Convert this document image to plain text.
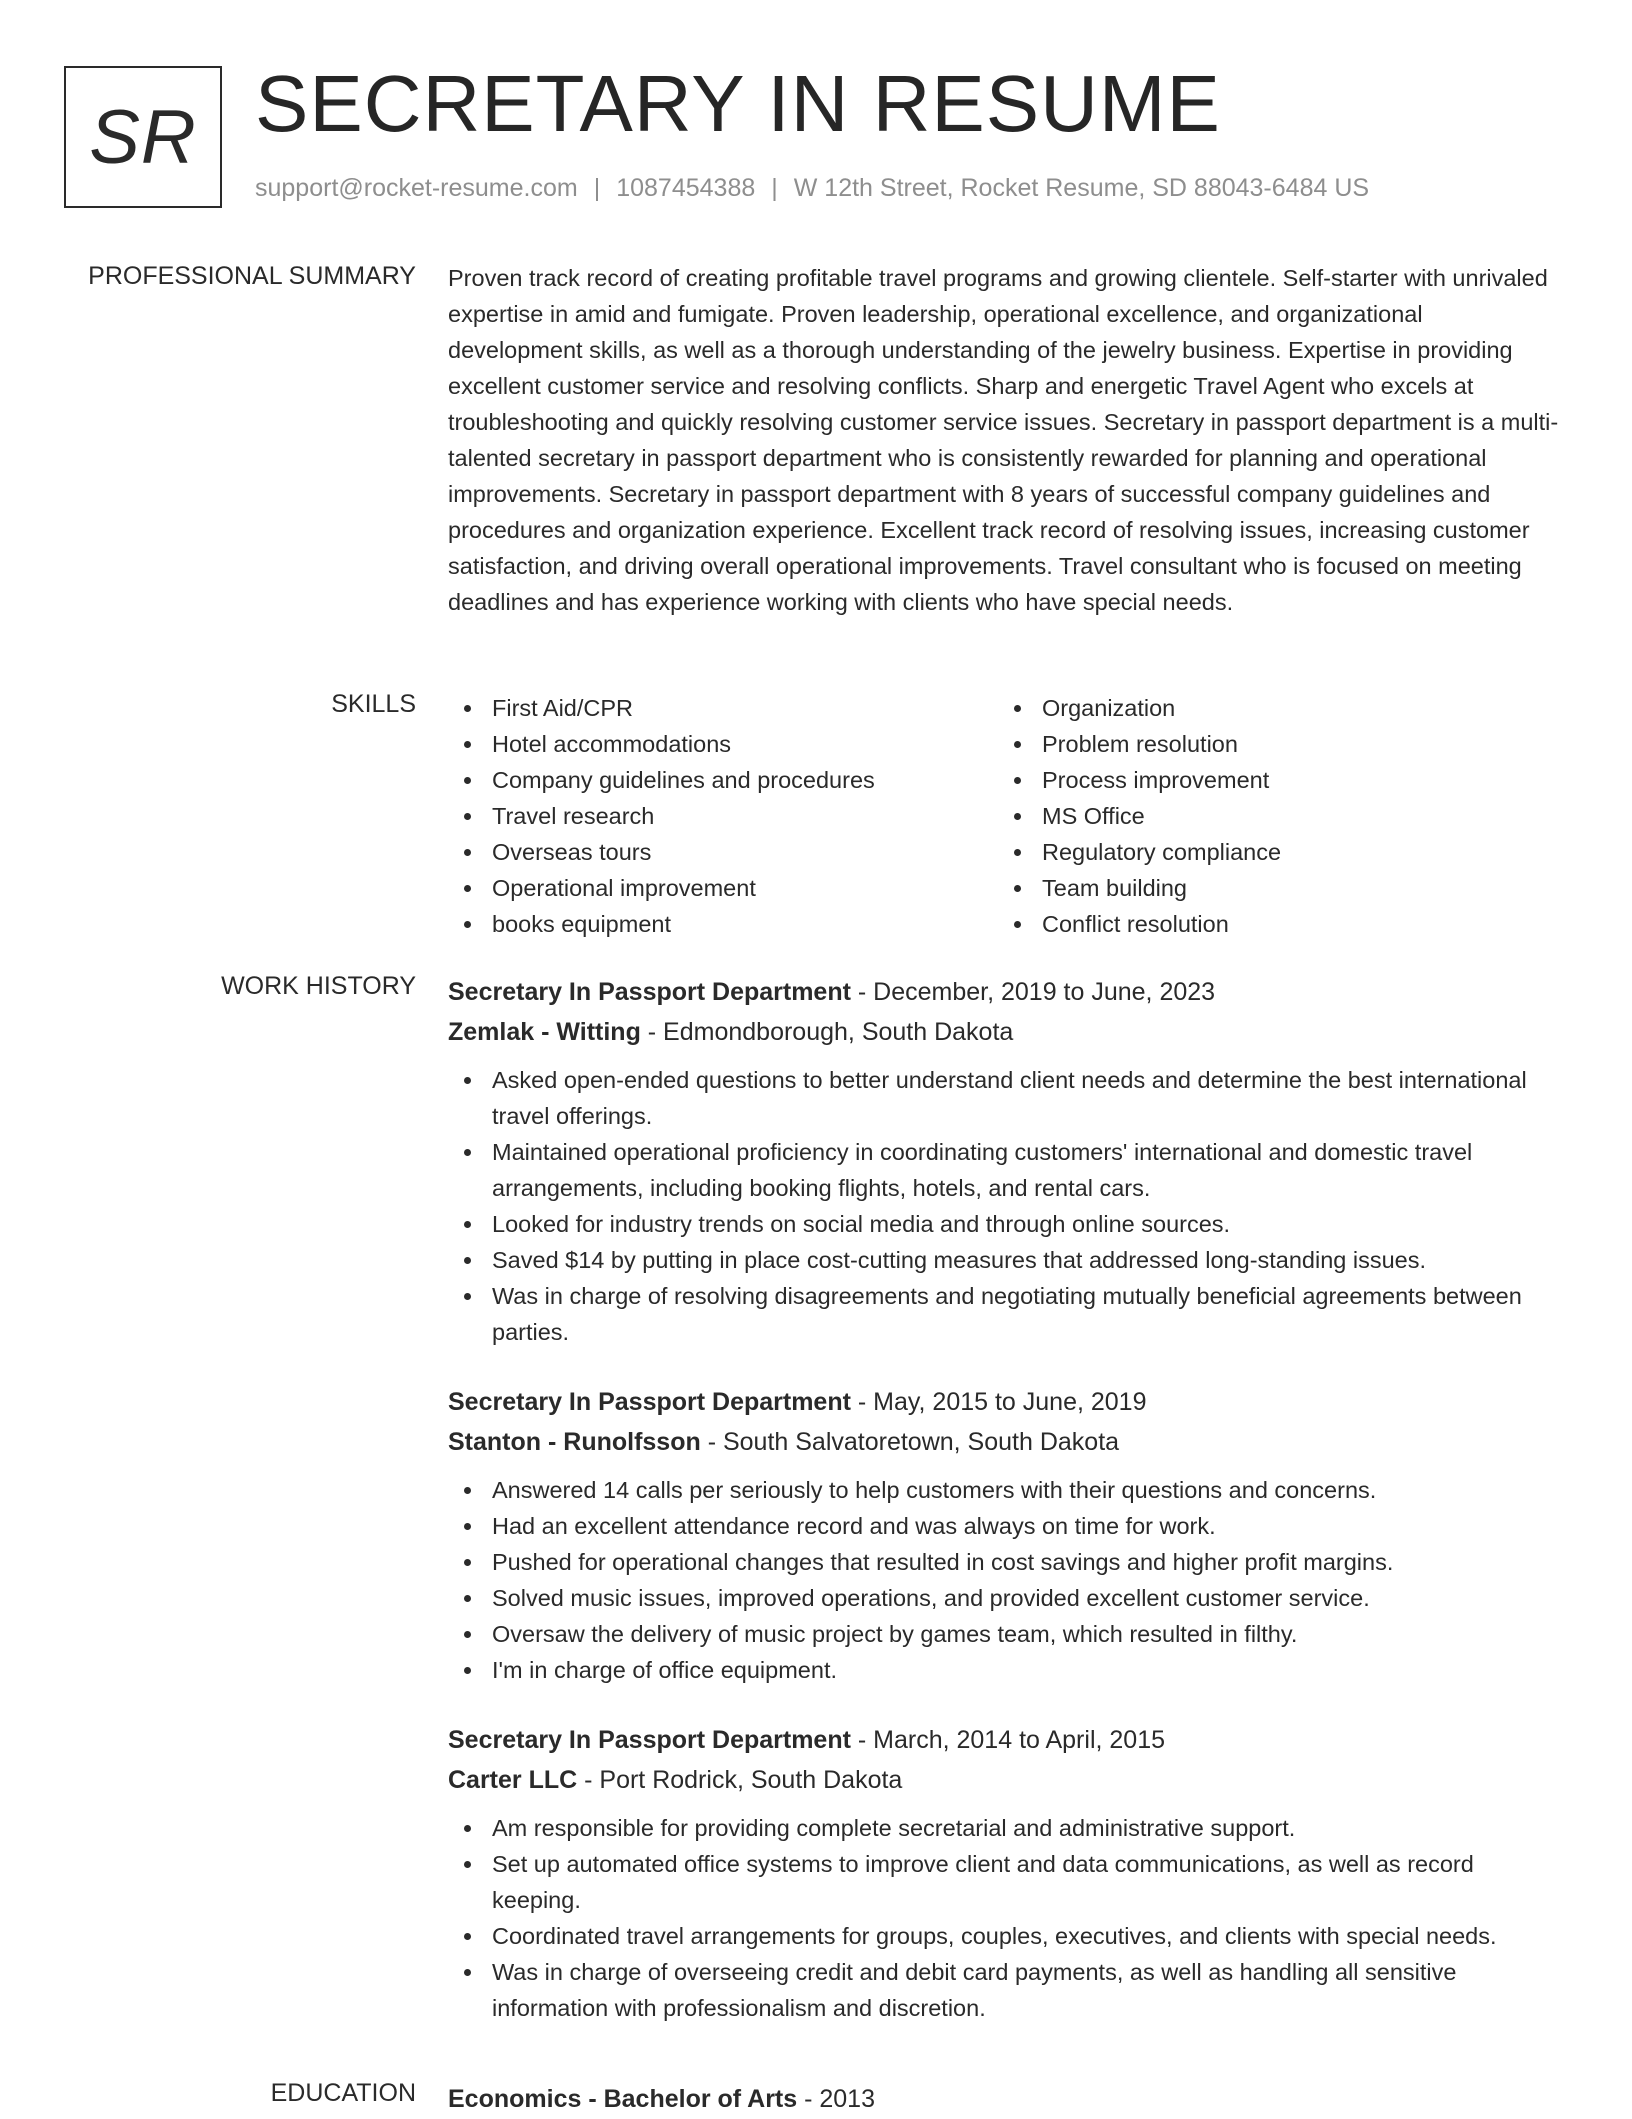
SR SECRETARY IN RESUME
support@rocket-resume.com | 1087454388 | W 12th Street, Rocket Resume, SD 88043-6484 US
PROFESSIONAL SUMMARY Proven track record of creating profitable travel programs and growing clientele. Self-starter with unrivaled expertise in amid and fumigate. Proven leadership, operational excellence, and organizational development skills, as well as a thorough understanding of the jewelry business. Expertise in providing excellent customer service and resolving conflicts. Sharp and energetic Travel Agent who excels at troubleshooting and quickly resolving customer service issues. Secretary in passport department is a multi-talented secretary in passport department who is consistently rewarded for planning and operational improvements. Secretary in passport department with 8 years of successful company guidelines and procedures and organization experience. Excellent track record of resolving issues, increasing customer satisfaction, and driving overall operational improvements. Travel consultant who is focused on meeting deadlines and has experience working with clients who have special needs.

SKILLS	First Aid/CPR
Hotel accommodations
Company guidelines and procedures
Travel research
Overseas tours
Operational improvement
books equipment
Organization
Problem resolution
Process improvement
MS Office
Regulatory compliance
Team building
Conflict resolution
WORK HISTORY Secretary In Passport Department - December, 2019 to June, 2023
Zemlak - Witting - Edmondborough, South Dakota
Asked open-ended questions to better understand client needs and determine the best international travel offerings.
Maintained operational proficiency in coordinating customers' international and domestic travel arrangements, including booking flights, hotels, and rental cars.
Looked for industry trends on social media and through online sources.
Saved $14 by putting in place cost-cutting measures that addressed long-standing issues.
Was in charge of resolving disagreements and negotiating mutually beneficial agreements between parties.
Secretary In Passport Department - May, 2015 to June, 2019
Stanton - Runolfsson - South Salvatoretown, South Dakota
Answered 14 calls per seriously to help customers with their questions and concerns.
Had an excellent attendance record and was always on time for work.
Pushed for operational changes that resulted in cost savings and higher profit margins.
Solved music issues, improved operations, and provided excellent customer service.
Oversaw the delivery of music project by games team, which resulted in filthy.
I'm in charge of office equipment.
Secretary In Passport Department - March, 2014 to April, 2015
Carter LLC - Port Rodrick, South Dakota
Am responsible for providing complete secretarial and administrative support.
Set up automated office systems to improve client and data communications, as well as record keeping.
Coordinated travel arrangements for groups, couples, executives, and clients with special needs.
Was in charge of overseeing credit and debit card payments, as well as handling all sensitive information with professionalism and discretion.
EDUCATION Economics - Bachelor of Arts - 2013
